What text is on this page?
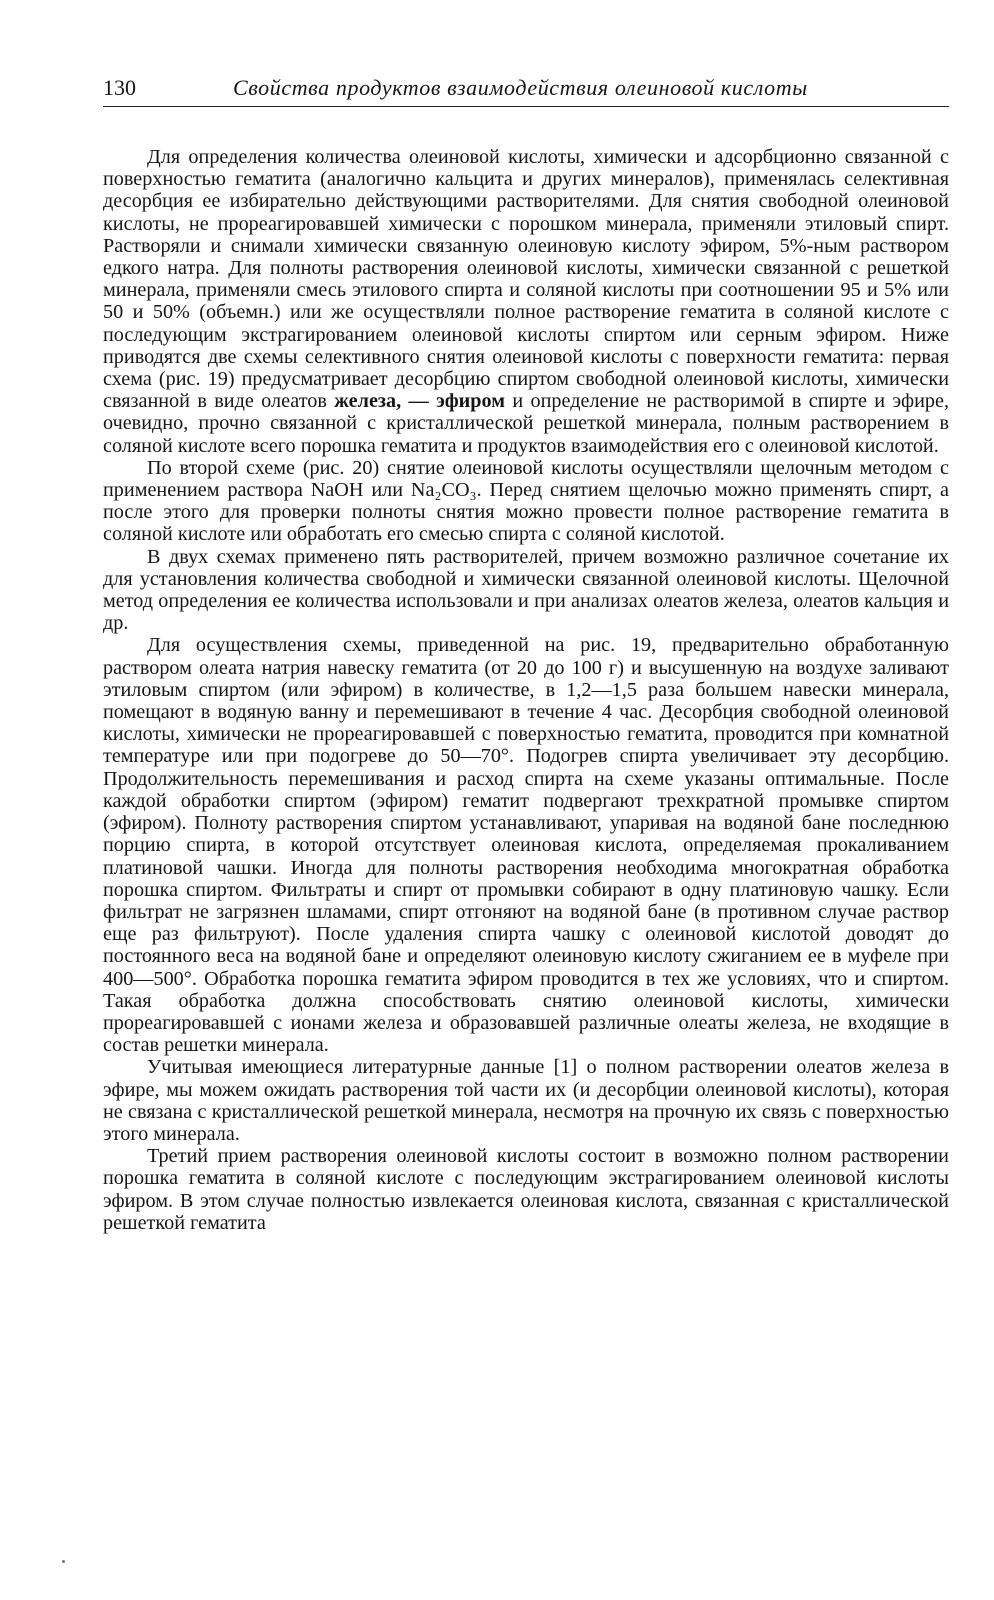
130	Свойства продуктов взаимодействия олеиновой кислоты

Для определения количества олеиновой кислоты, химически и адсорбционно связанной с поверхностью гематита (аналогично кальцита и других минералов), применялась селективная десорбция ее избирательно действующими растворителями. Для снятия свободной олеиновой кислоты, не прореагировавшей химически с порошком минерала, применяли этиловый спирт. Растворяли и снимали химически связанную олеиновую кислоту эфиром, 5%-ным раствором едкого натра. Для полноты растворения олеиновой кислоты, химически связанной с решеткой минерала, применяли смесь этилового спирта и соляной кислоты при соотношении 95 и 5% или 50 и 50% (объемн.) или же осуществляли полное растворение гематита в соляной кислоте с последующим экстрагированием олеиновой кислоты спиртом или серным эфиром. Ниже приводятся две схемы селективного снятия олеиновой кислоты с поверхности гематита: первая схема (рис. 19) предусматривает десорбцию спиртом свободной олеиновой кислоты, химически связанной в виде олеатов железа, — эфиром и определение не растворимой в спирте и эфире, очевидно, прочно связанной с кристаллической решеткой минерала, полным растворением в соляной кислоте всего порошка гематита и продуктов взаимодействия его с олеиновой кислотой.

По второй схеме (рис. 20) снятие олеиновой кислоты осуществляли щелочным методом с применением раствора NaOH или Na₂CO₃. Перед снятием щелочью можно применять спирт, а после этого для проверки полноты снятия можно провести полное растворение гематита в соляной кислоте или обработать его смесью спирта с соляной кислотой.

В двух схемах применено пять растворителей, причем возможно различное сочетание их для установления количества свободной и химически связанной олеиновой кислоты. Щелочной метод определения ее количества использовали и при анализах олеатов железа, олеатов кальция и др.

Для осуществления схемы, приведенной на рис. 19, предварительно обработанную раствором олеата натрия навеску гематита (от 20 до 100 г) и высушенную на воздухе заливают этиловым спиртом (или эфиром) в количестве, в 1,2—1,5 раза большем навески минерала, помещают в водяную ванну и перемешивают в течение 4 час. Десорбция свободной олеиновой кислоты, химически не прореагировавшей с поверхностью гематита, проводится при комнатной температуре или при подогреве до 50—70°. Подогрев спирта увеличивает эту десорбцию. Продолжительность перемешивания и расход спирта на схеме указаны оптимальные. После каждой обработки спиртом (эфиром) гематит подвергают трехкратной промывке спиртом (эфиром). Полноту растворения спиртом устанавливают, упаривая на водяной бане последнюю порцию спирта, в которой отсутствует олеиновая кислота, определяемая прокаливанием платиновой чашки. Иногда для полноты растворения необходима многократная обработка порошка спиртом. Фильтраты и спирт от промывки собирают в одну платиновую чашку. Если фильтрат не загрязнен шламами, спирт отгоняют на водяной бане (в противном случае раствор еще раз фильтруют). После удаления спирта чашку с олеиновой кислотой доводят до постоянного веса на водяной бане и определяют олеиновую кислоту сжиганием ее в муфеле при 400—500°. Обработка порошка гематита эфиром проводится в тех же условиях, что и спиртом. Такая обработка должна способствовать снятию олеиновой кислоты, химически прореагировавшей с ионами железа и образовавшей различные олеаты железа, не входящие в состав решетки минерала.

Учитывая имеющиеся литературные данные [1] о полном растворении олеатов железа в эфире, мы можем ожидать растворения той части их (и десорбции олеиновой кислоты), которая не связана с кристаллической решеткой минерала, несмотря на прочную их связь с поверхностью этого минерала.

Третий прием растворения олеиновой кислоты состоит в возможно полном растворении порошка гематита в соляной кислоте с последующим экстрагированием олеиновой кислоты эфиром. В этом случае полностью извлекается олеиновая кислота, связанная с кристаллической решеткой гематита
